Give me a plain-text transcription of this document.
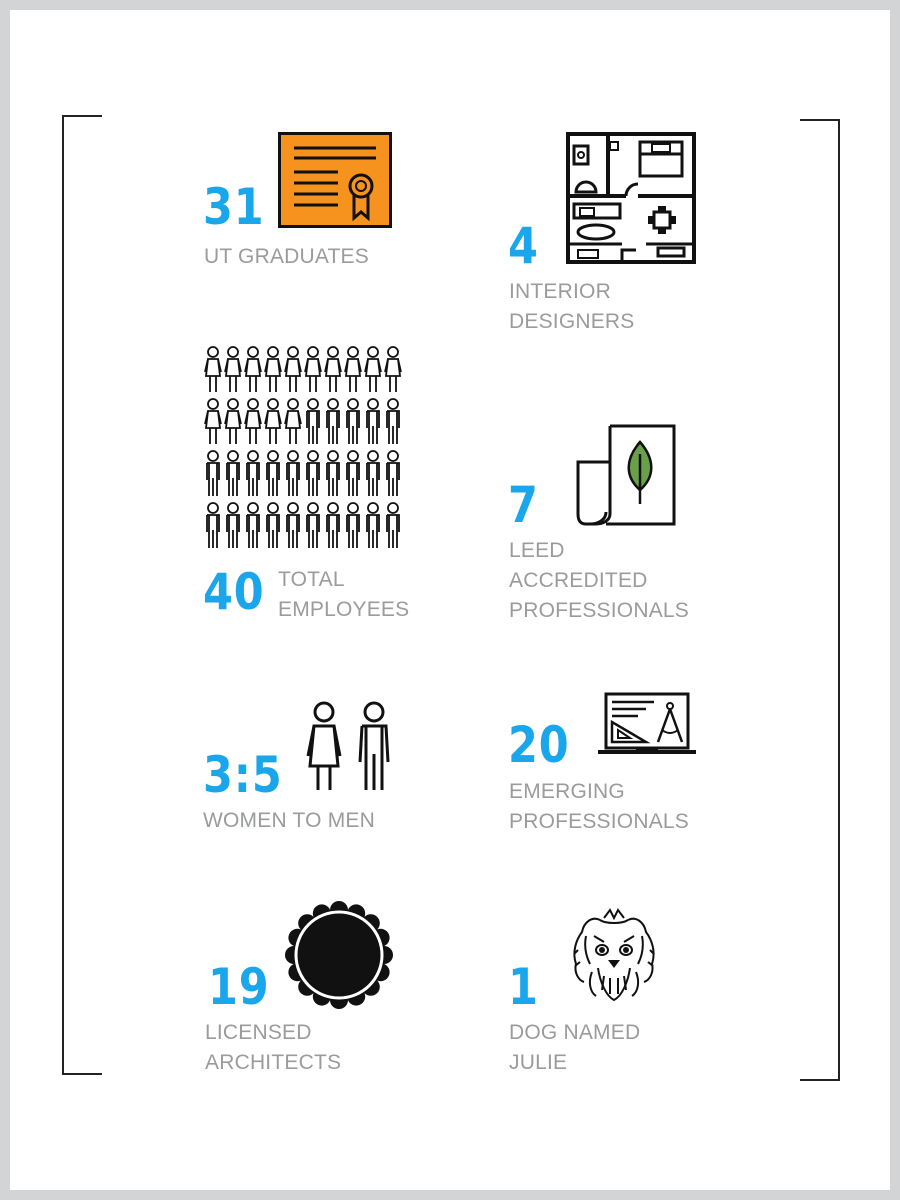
31
UT GRADUATES	4
INTERIOR
DESIGNERS
40 TOTAL
EMPLOYEES
7
LEED
ACCREDITED
PROFESSIONALS
3:5
WOMEN TO MEN
20
EMERGING
PROFESSIONALS
19
LICENSED
ARCHITECTS
1
DOG NAMED
JULIE
